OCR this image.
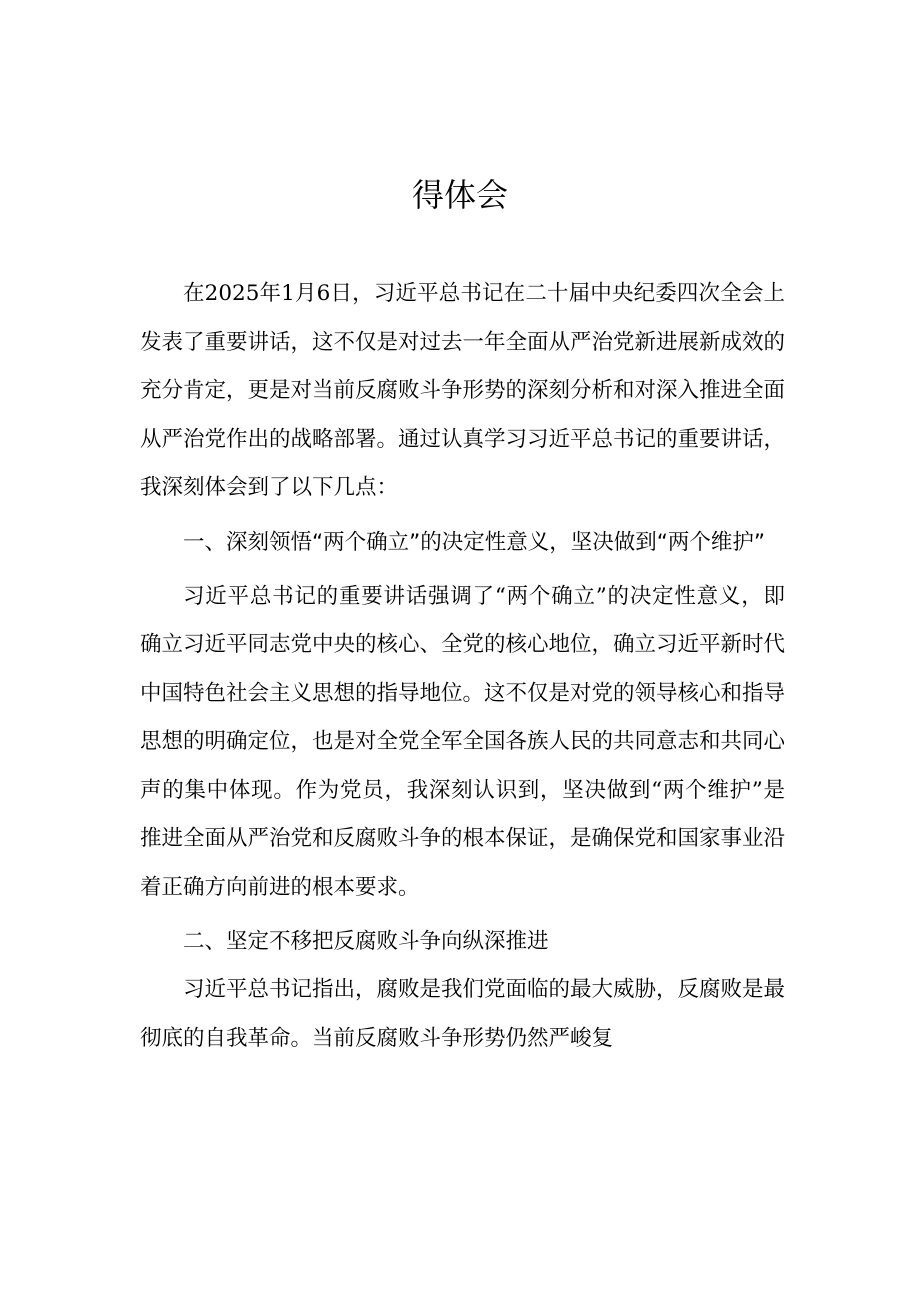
得体会

在2025年1月6日，习近平总书记在二十届中央纪委四次全会上发表了重要讲话，这不仅是对过去一年全面从严治党新进展新成效的充分肯定，更是对当前反腐败斗争形势的深刻分析和对深入推进全面从严治党作出的战略部署。通过认真学习习近平总书记的重要讲话，我深刻体会到了以下几点：

一、深刻领悟“两个确立”的决定性意义，坚决做到“两个维护”

习近平总书记的重要讲话强调了“两个确立”的决定性意义，即确立习近平同志党中央的核心、全党的核心地位，确立习近平新时代中国特色社会主义思想的指导地位。这不仅是对党的领导核心和指导思想的明确定位，也是对全党全军全国各族人民的共同意志和共同心声的集中体现。作为党员，我深刻认识到，坚决做到“两个维护”是推进全面从严治党和反腐败斗争的根本保证，是确保党和国家事业沿着正确方向前进的根本要求。

二、坚定不移把反腐败斗争向纵深推进

习近平总书记指出，腐败是我们党面临的最大威胁，反腐败是最彻底的自我革命。当前反腐败斗争形势仍然严峻复
